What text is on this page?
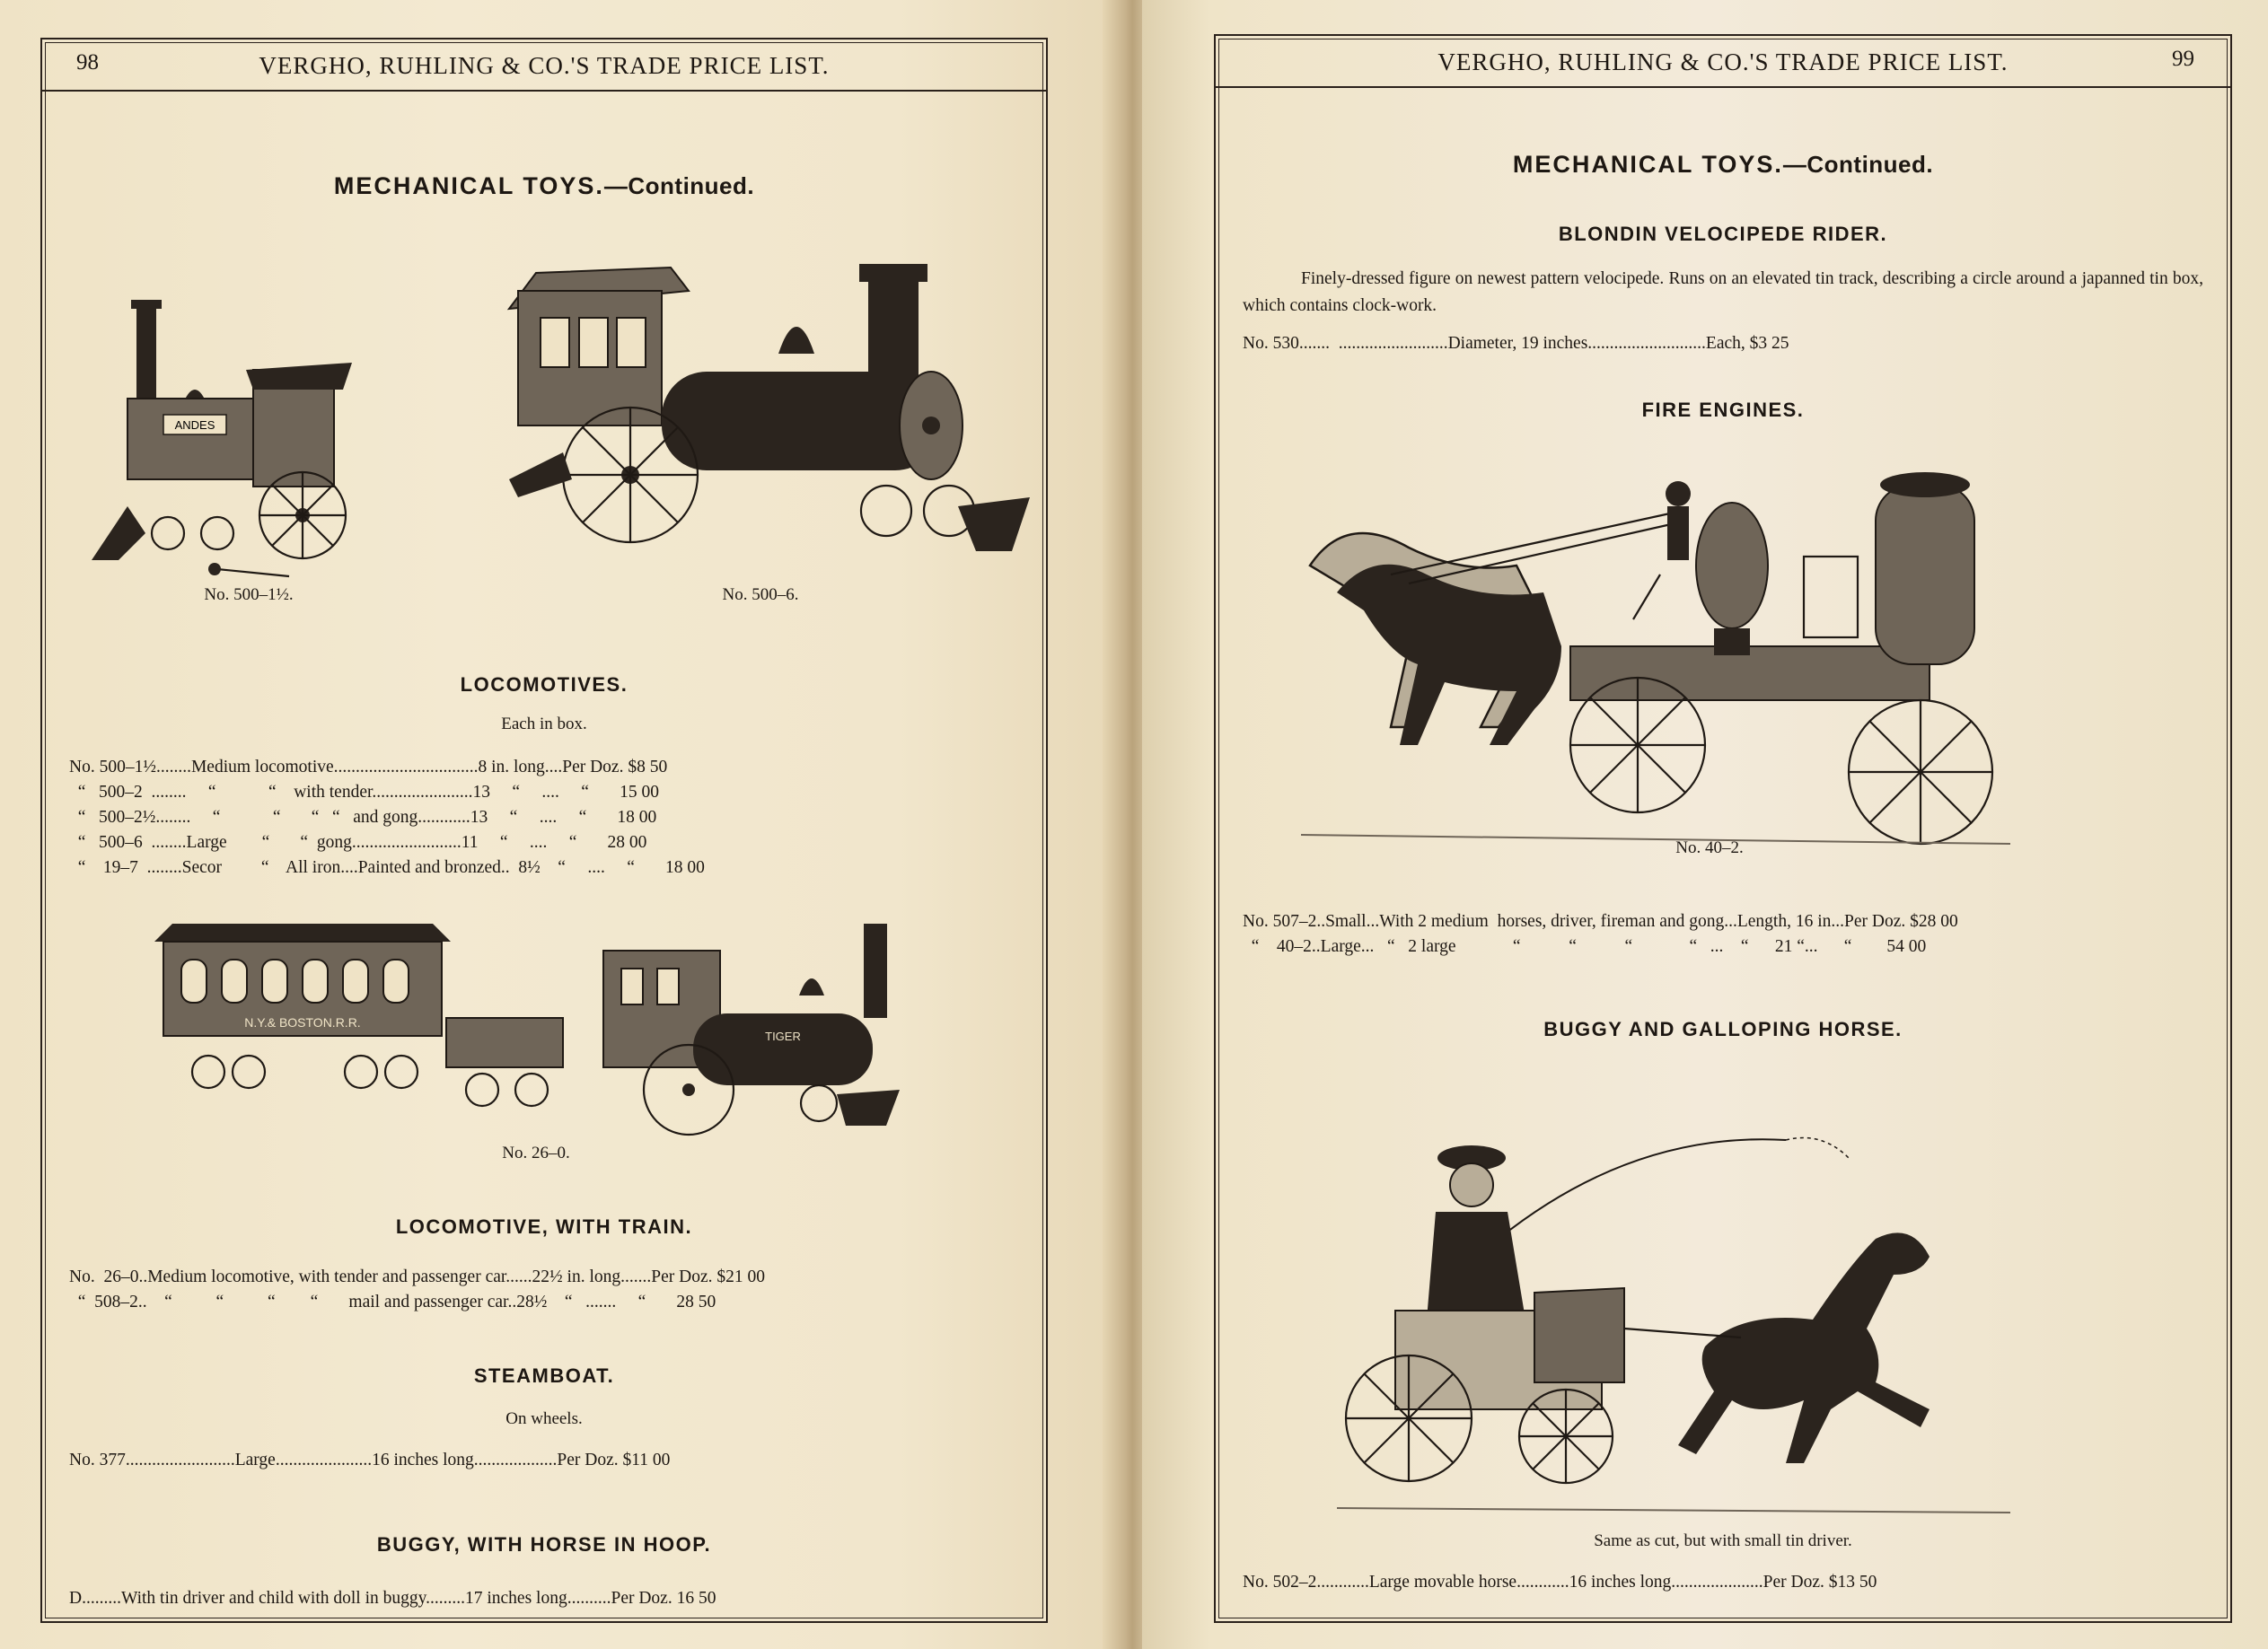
98	VERGHO, RUHLING & CO.'S TRADE PRICE LIST.
MECHANICAL TOYS.—Continued.
ANDES
No. 500–1½.	No. 500–6.
LOCOMOTIVES.
Each in box.
No. 500–1½........Medium locomotive.................................8 in. long....Per Doz. $8 50
“   500–2  ........     “            “    with tender.......................13     “     ....     “       15 00
“   500–2½........     “            “       “   “   and gong............13     “     ....     “       18 00
“   500–6  ........Large        “       “  gong.........................11     “     ....     “       28 00
“    19–7  ........Secor         “    All iron....Painted and bronzed..  8½    “     ....     “       18 00
N.Y.& BOSTON.R.R.
TIGER
No. 26–0.
LOCOMOTIVE, WITH TRAIN.
No.  26–0..Medium locomotive, with tender and passenger car......22½ in. long.......Per Doz. $21 00
“  508–2..    “          “          “        “       mail and passenger car..28½    “   .......     “       28 50
STEAMBOAT.
On wheels.
No. 377.........................Large......................16 inches long...................Per Doz. $11 00
BUGGY, WITH HORSE IN HOOP.
D.........With tin driver and child with doll in buggy.........17 inches long..........Per Doz. 16 50
VERGHO, RUHLING & CO.'S TRADE PRICE LIST.	99
MECHANICAL TOYS.—Continued.
BLONDIN VELOCIPEDE RIDER.
Finely-dressed figure on newest pattern velocipede. Runs on an elevated tin track, describing a circle around a japanned tin box, which contains clock-work.
No. 530.......  .........................Diameter, 19 inches...........................Each, $3 25
FIRE ENGINES.
No. 40–2.
No. 507–2..Small...With 2 medium  horses, driver, fireman and gong...Length, 16 in...Per Doz. $28 00
“    40–2..Large...   “   2 large             “           “           “             “   ...    “      21 “...      “        54 00
BUGGY AND GALLOPING HORSE.
Same as cut, but with small tin driver.
No. 502–2............Large movable horse............16 inches long.....................Per Doz. $13 50
